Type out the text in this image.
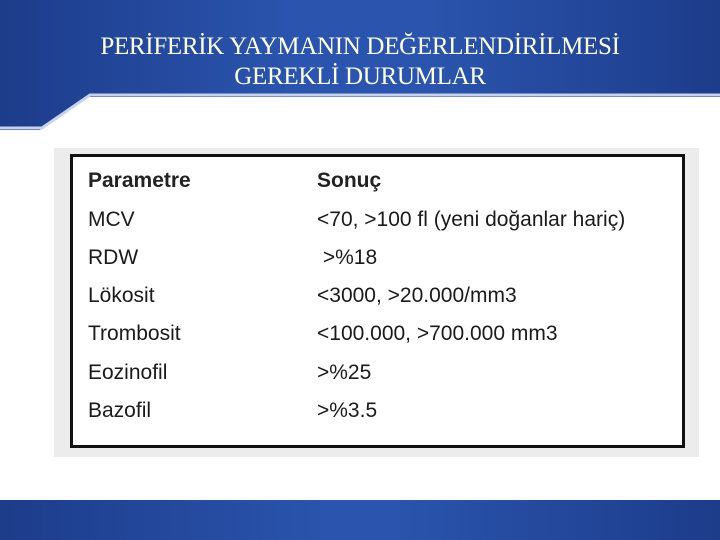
PERİFERİK YAYMANIN DEĞERLENDİRİLMESİ
GEREKLİ DURUMLAR
Parametre	Sonuç
MCV	<70, >100 fl (yeni doğanlar hariç)
RDW	>%18
Lökosit	<3000, >20.000/mm3
Trombosit	<100.000, >700.000 mm3
Eozinofil	>%25
Bazofil	>%3.5
